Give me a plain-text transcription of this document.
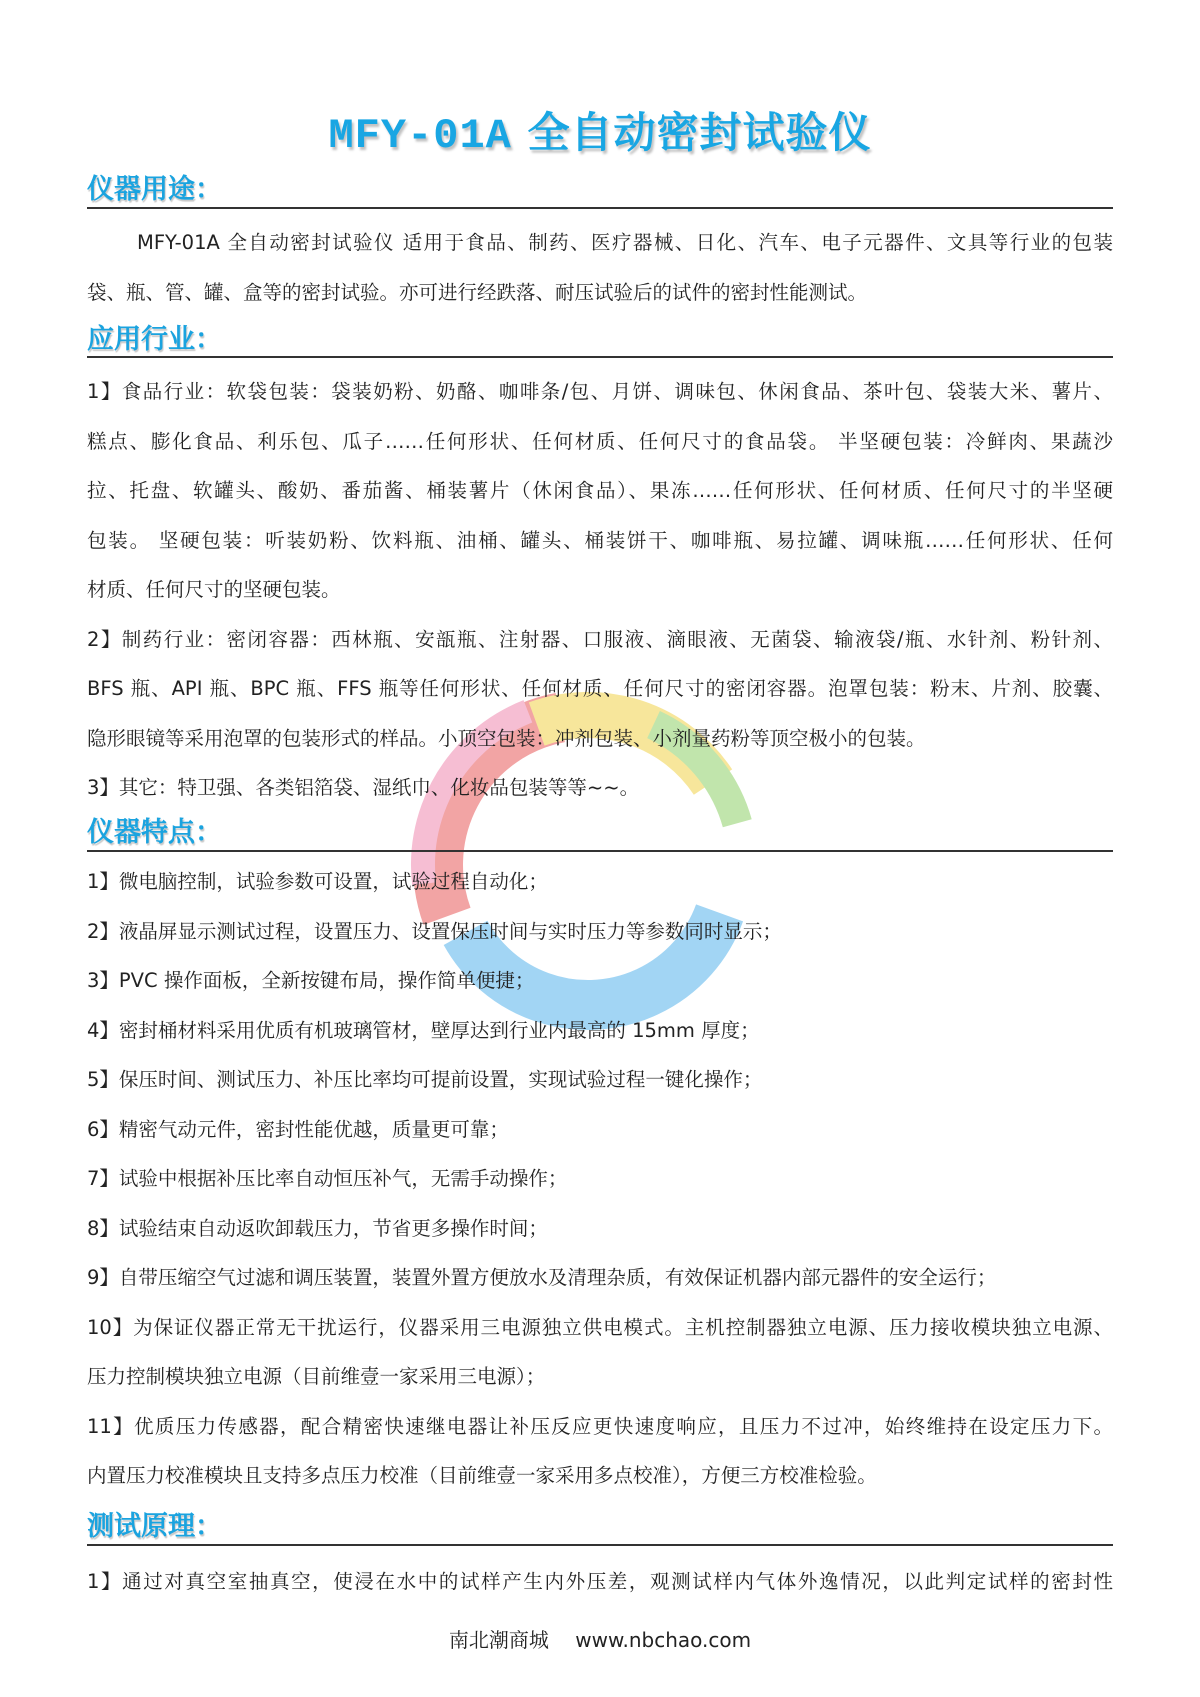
MFY-01A 全自动密封试验仪
仪器用途：
MFY-01A 全自动密封试验仪 适用于食品、制药、医疗器械、日化、汽车、电子元器件、文具等行业的包装
袋、瓶、管、罐、盒等的密封试验。亦可进行经跌落、耐压试验后的试件的密封性能测试。
应用行业：
1】食品行业：软袋包装：袋装奶粉、奶酪、咖啡条/包、月饼、调味包、休闲食品、茶叶包、袋装大米、薯片、
糕点、膨化食品、利乐包、瓜子……任何形状、任何材质、任何尺寸的食品袋。 半坚硬包装：冷鲜肉、果蔬沙
拉、托盘、软罐头、酸奶、番茄酱、桶装薯片（休闲食品）、果冻……任何形状、任何材质、任何尺寸的半坚硬
包装。 坚硬包装：听装奶粉、饮料瓶、油桶、罐头、桶装饼干、咖啡瓶、易拉罐、调味瓶……任何形状、任何
材质、任何尺寸的坚硬包装。
2】制药行业：密闭容器：西林瓶、安瓿瓶、注射器、口服液、滴眼液、无菌袋、输液袋/瓶、水针剂、粉针剂、
BFS 瓶、API 瓶、BPC 瓶、FFS 瓶等任何形状、任何材质、任何尺寸的密闭容器。泡罩包装：粉末、片剂、胶囊、
隐形眼镜等采用泡罩的包装形式的样品。小顶空包装：冲剂包装、小剂量药粉等顶空极小的包装。
3】其它：特卫强、各类铝箔袋、湿纸巾、化妆品包装等等~~。
仪器特点：
1】微电脑控制，试验参数可设置，试验过程自动化；
2】液晶屏显示测试过程，设置压力、设置保压时间与实时压力等参数同时显示；
3】PVC 操作面板，全新按键布局，操作简单便捷；
4】密封桶材料采用优质有机玻璃管材，壁厚达到行业内最高的 15mm 厚度；
5】保压时间、测试压力、补压比率均可提前设置，实现试验过程一键化操作；
6】精密气动元件，密封性能优越，质量更可靠；
7】试验中根据补压比率自动恒压补气，无需手动操作；
8】试验结束自动返吹卸载压力，节省更多操作时间；
9】自带压缩空气过滤和调压装置，装置外置方便放水及清理杂质，有效保证机器内部元器件的安全运行；
10】为保证仪器正常无干扰运行，仪器采用三电源独立供电模式。主机控制器独立电源、压力接收模块独立电源、
压力控制模块独立电源（目前维壹一家采用三电源）；
11】优质压力传感器，配合精密快速继电器让补压反应更快速度响应，且压力不过冲，始终维持在设定压力下。
内置压力校准模块且支持多点压力校准（目前维壹一家采用多点校准），方便三方校准检验。
测试原理：
1】通过对真空室抽真空，使浸在水中的试样产生内外压差，观测试样内气体外逸情况，以此判定试样的密封性
南北潮商城 www.nbchao.com
